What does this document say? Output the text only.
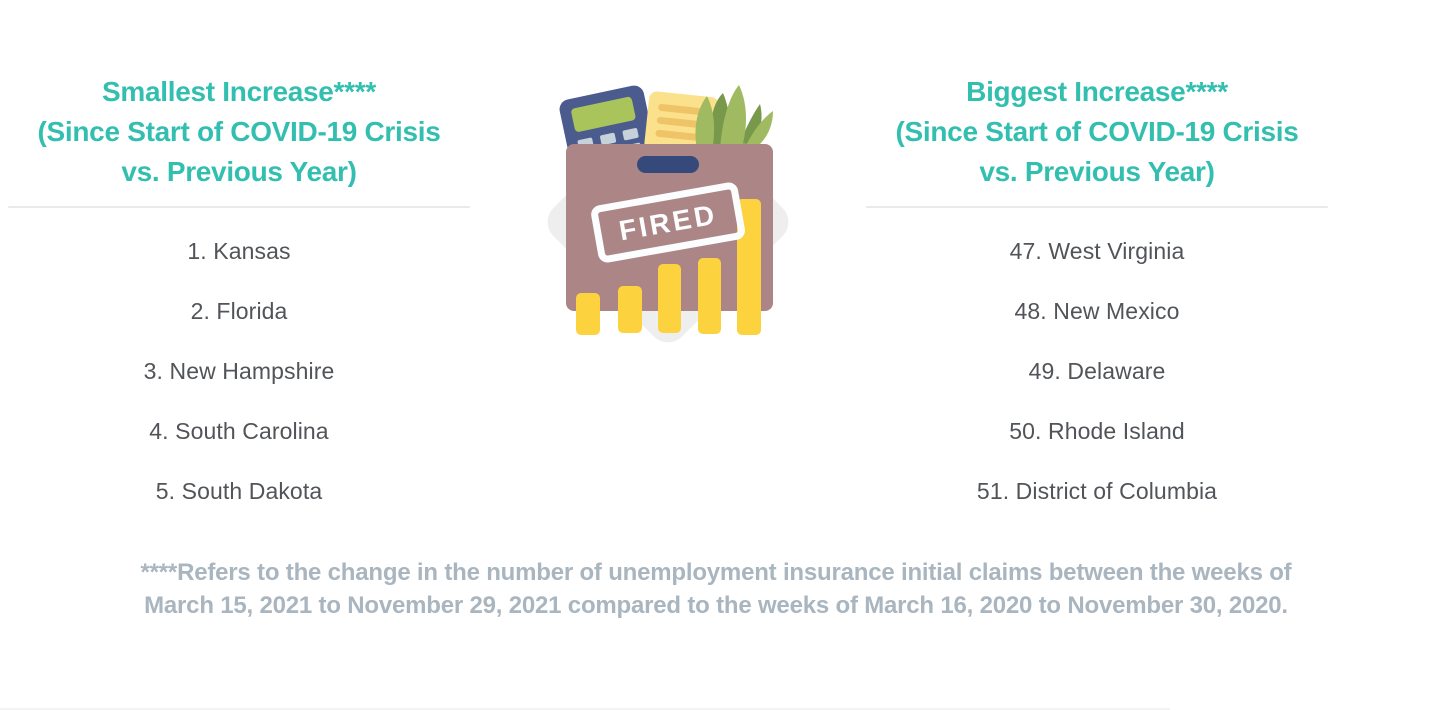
Smallest Increase****
(Since Start of COVID-19 Crisis
vs. Previous Year)
1. Kansas
2. Florida
3. New Hampshire
4. South Carolina
5. South Dakota
Biggest Increase****
(Since Start of COVID-19 Crisis
vs. Previous Year)
47. West Virginia
48. New Mexico
49. Delaware
50. Rhode Island
51. District of Columbia
FIRED

****Refers to the change in the number of unemployment insurance initial claims between the weeks of
March 15, 2021 to November 29, 2021 compared to the weeks of March 16, 2020 to November 30, 2020.
